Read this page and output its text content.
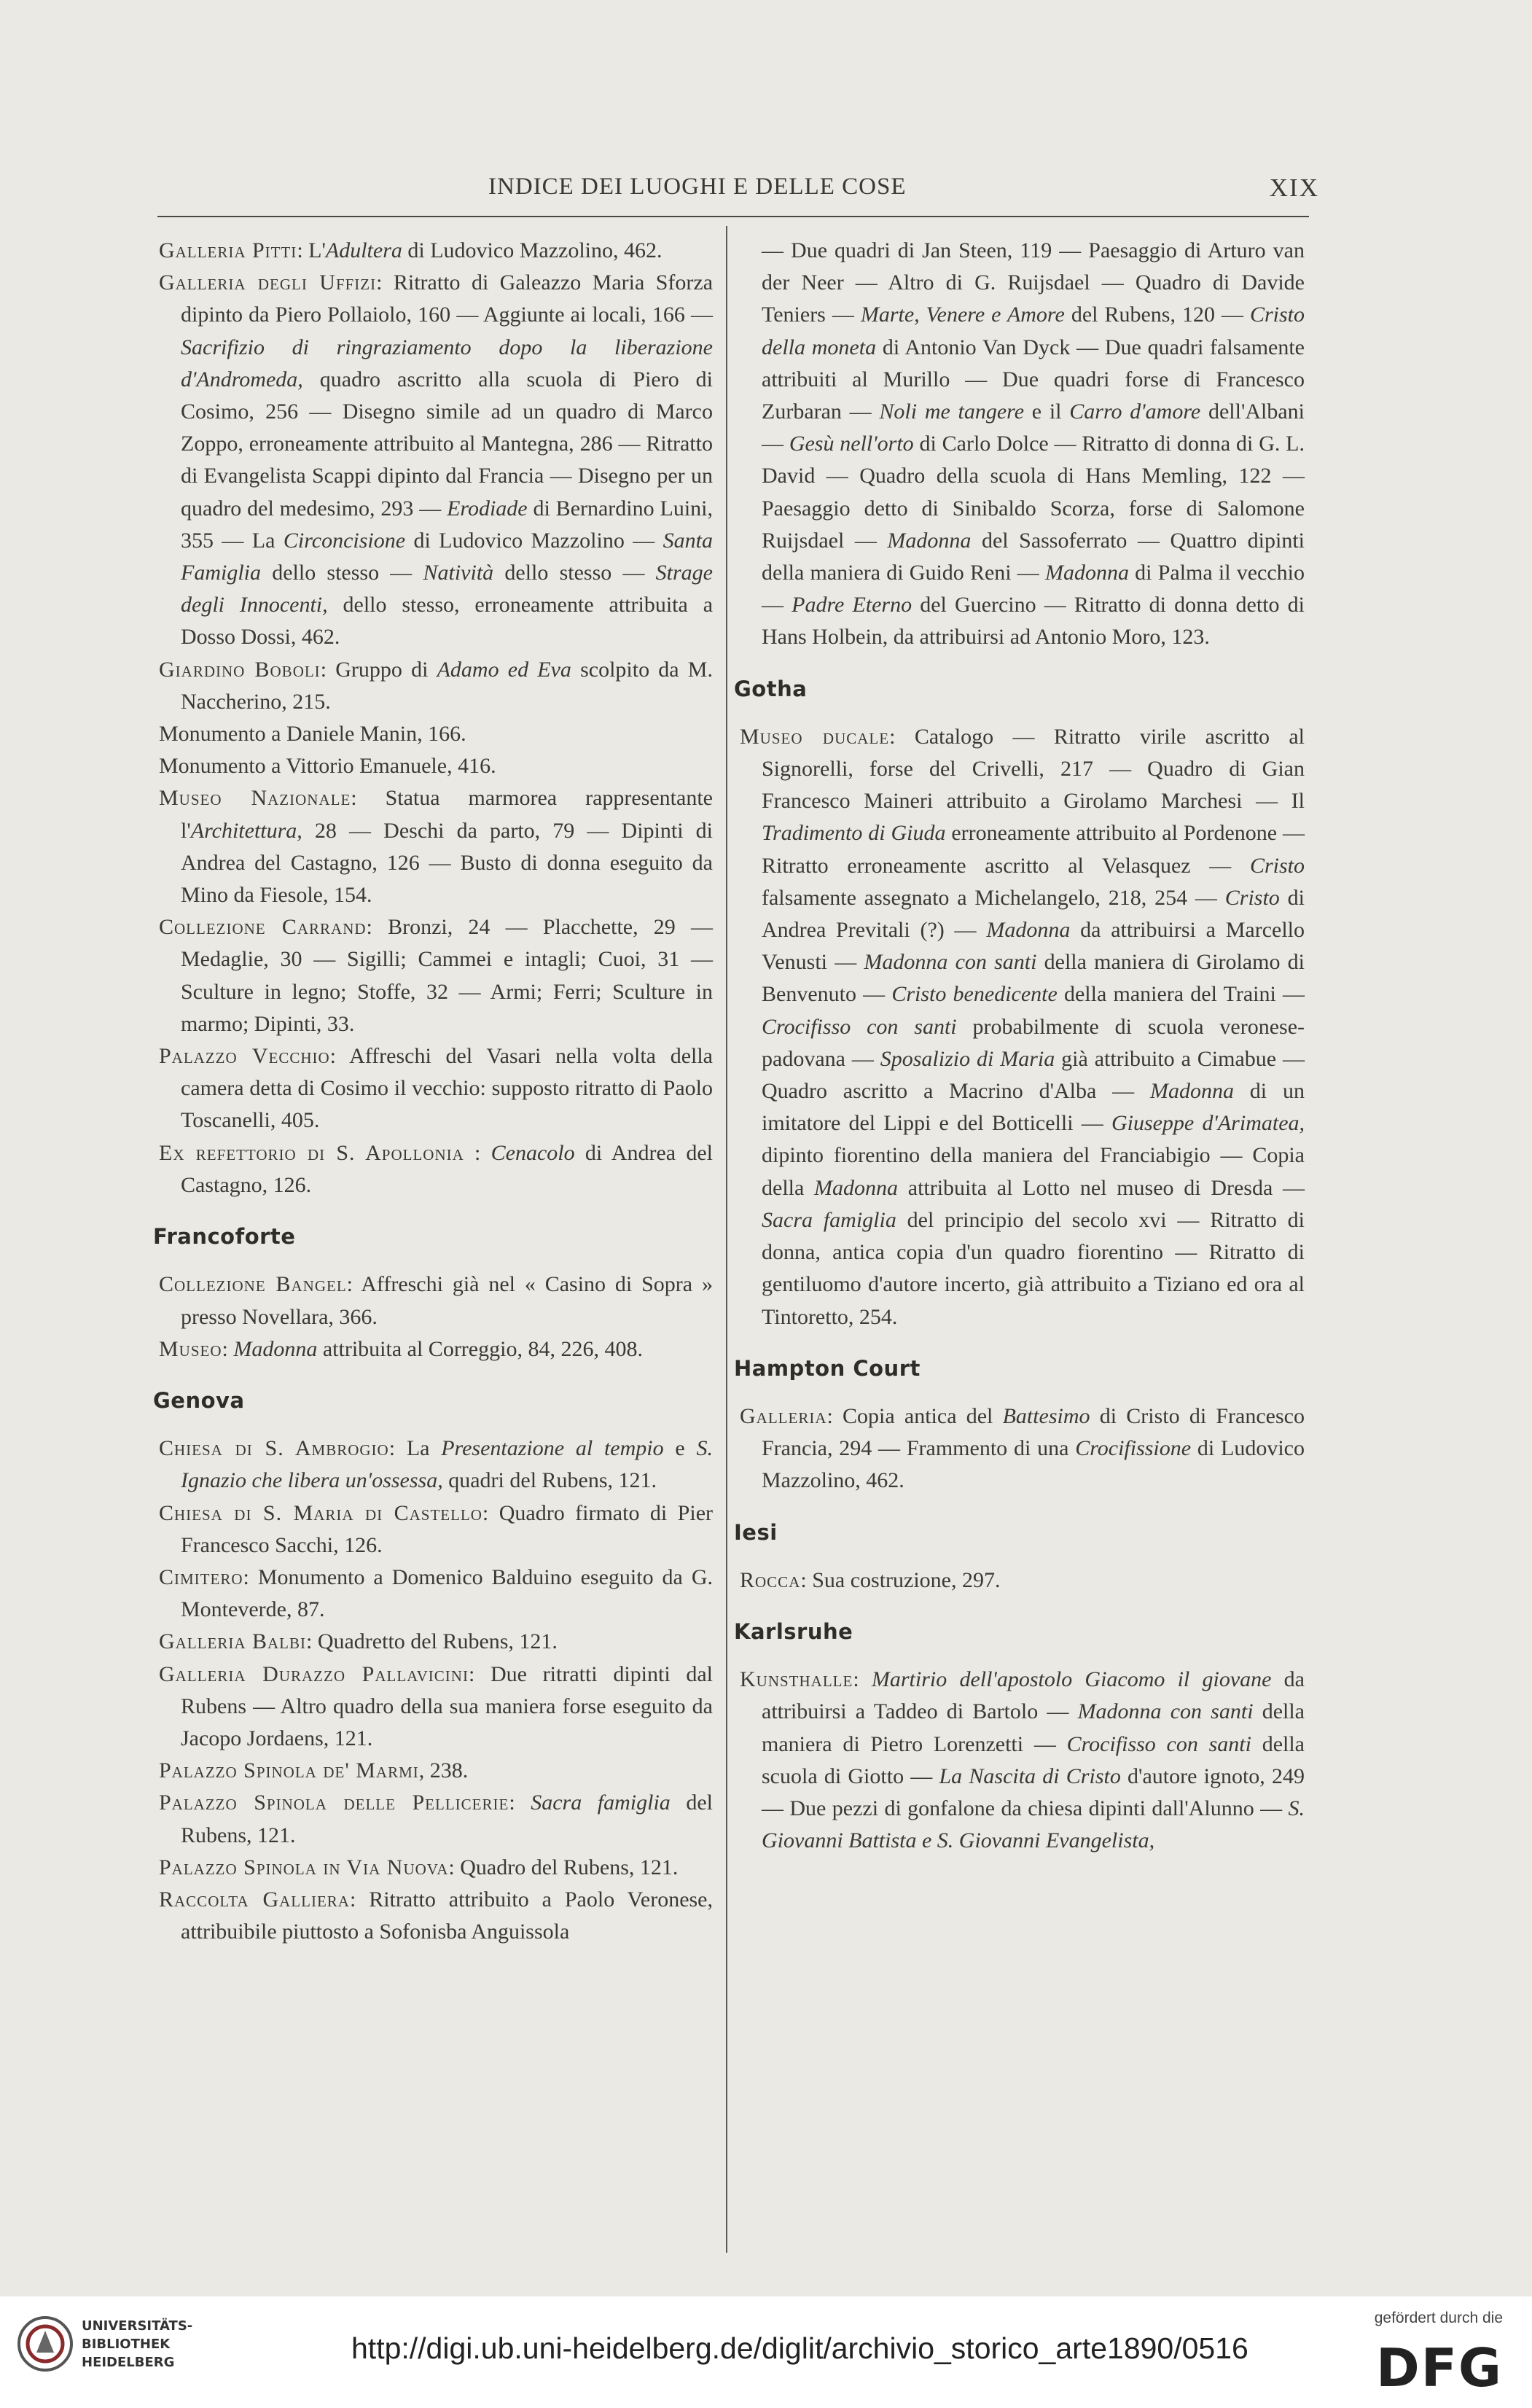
INDICE DEI LUOGHI E DELLE COSE	XIX

Galleria Pitti: L'Adultera di Ludovico Mazzolino, 462.

Galleria degli Uffizi: Ritratto di Galeazzo Maria Sforza dipinto da Piero Pollaiolo, 160 — Aggiunte ai locali, 166 — Sacrifizio di ringraziamento dopo la liberazione d'Andromeda, quadro ascritto alla scuola di Piero di Cosimo, 256 — Disegno simile ad un quadro di Marco Zoppo, erroneamente attribuito al Mantegna, 286 — Ritratto di Evangelista Scappi dipinto dal Francia — Disegno per un quadro del medesimo, 293 — Erodiade di Bernardino Luini, 355 — La Circoncisione di Ludovico Mazzolino — Santa Famiglia dello stesso — Natività dello stesso — Strage degli Innocenti, dello stesso, erroneamente attribuita a Dosso Dossi, 462.

Giardino Boboli: Gruppo di Adamo ed Eva scolpito da M. Naccherino, 215.

Monumento a Daniele Manin, 166.

Monumento a Vittorio Emanuele, 416.

Museo Nazionale: Statua marmorea rappresentante l'Architettura, 28 — Deschi da parto, 79 — Dipinti di Andrea del Castagno, 126 — Busto di donna eseguito da Mino da Fiesole, 154.

Collezione Carrand: Bronzi, 24 — Placchette, 29 — Medaglie, 30 — Sigilli; Cammei e intagli; Cuoi, 31 — Sculture in legno; Stoffe, 32 — Armi; Ferri; Sculture in marmo; Dipinti, 33.

Palazzo Vecchio: Affreschi del Vasari nella volta della camera detta di Cosimo il vecchio: supposto ritratto di Paolo Toscanelli, 405.

Ex refettorio di S. Apollonia : Cenacolo di Andrea del Castagno, 126.

Francoforte

Collezione Bangel: Affreschi già nel « Casino di Sopra » presso Novellara, 366.

Museo: Madonna attribuita al Correggio, 84, 226, 408.

Genova

Chiesa di S. Ambrogio: La Presentazione al tempio e S. Ignazio che libera un'ossessa, quadri del Rubens, 121.

Chiesa di S. Maria di Castello: Quadro firmato di Pier Francesco Sacchi, 126.

Cimitero: Monumento a Domenico Balduino eseguito da G. Monteverde, 87.

Galleria Balbi: Quadretto del Rubens, 121.

Galleria Durazzo Pallavicini: Due ritratti dipinti dal Rubens — Altro quadro della sua maniera forse eseguito da Jacopo Jordaens, 121.

Palazzo Spinola de' Marmi, 238.

Palazzo Spinola delle Pellicerie: Sacra famiglia del Rubens, 121.

Palazzo Spinola in Via Nuova: Quadro del Rubens, 121.

Raccolta Galliera: Ritratto attribuito a Paolo Veronese, attribuibile piuttosto a Sofonisba Anguissola

— Due quadri di Jan Steen, 119 — Paesaggio di Arturo van der Neer — Altro di G. Ruijsdael — Quadro di Davide Teniers — Marte, Venere e Amore del Rubens, 120 — Cristo della moneta di Antonio Van Dyck — Due quadri falsamente attribuiti al Murillo — Due quadri forse di Francesco Zurbaran — Noli me tangere e il Carro d'amore dell'Albani — Gesù nell'orto di Carlo Dolce — Ritratto di donna di G. L. David — Quadro della scuola di Hans Memling, 122 — Paesaggio detto di Sinibaldo Scorza, forse di Salomone Ruijsdael — Madonna del Sassoferrato — Quattro dipinti della maniera di Guido Reni — Madonna di Palma il vecchio — Padre Eterno del Guercino — Ritratto di donna detto di Hans Holbein, da attribuirsi ad Antonio Moro, 123.

Gotha

Museo ducale: Catalogo — Ritratto virile ascritto al Signorelli, forse del Crivelli, 217 — Quadro di Gian Francesco Maineri attribuito a Girolamo Marchesi — Il Tradimento di Giuda erroneamente attribuito al Pordenone — Ritratto erroneamente ascritto al Velasquez — Cristo falsamente assegnato a Michelangelo, 218, 254 — Cristo di Andrea Previtali (?) — Madonna da attribuirsi a Marcello Venusti — Madonna con santi della maniera di Girolamo di Benvenuto — Cristo benedicente della maniera del Traini — Crocifisso con santi probabilmente di scuola veronese-padovana — Sposalizio di Maria già attribuito a Cimabue — Quadro ascritto a Macrino d'Alba — Madonna di un imitatore del Lippi e del Botticelli — Giuseppe d'Arimatea, dipinto fiorentino della maniera del Franciabigio — Copia della Madonna attribuita al Lotto nel museo di Dresda — Sacra famiglia del principio del secolo xvi — Ritratto di donna, antica copia d'un quadro fiorentino — Ritratto di gentiluomo d'autore incerto, già attribuito a Tiziano ed ora al Tintoretto, 254.

Hampton Court

Galleria: Copia antica del Battesimo di Cristo di Francesco Francia, 294 — Frammento di una Crocifissione di Ludovico Mazzolino, 462.

Iesi

Rocca: Sua costruzione, 297.

Karlsruhe

Kunsthalle: Martirio dell'apostolo Giacomo il giovane da attribuirsi a Taddeo di Bartolo — Madonna con santi della maniera di Pietro Lorenzetti — Crocifisso con santi della scuola di Giotto — La Nascita di Cristo d'autore ignoto, 249 — Due pezzi di gonfalone da chiesa dipinti dall'Alunno — S. Giovanni Battista e S. Giovanni Evangelista,

UNIVERSITÄTS-
BIBLIOTHEK
HEIDELBERG	http://digi.ub.uni-heidelberg.de/diglit/archivio_storico_arte1890/0516
gefördert durch die
DFG
